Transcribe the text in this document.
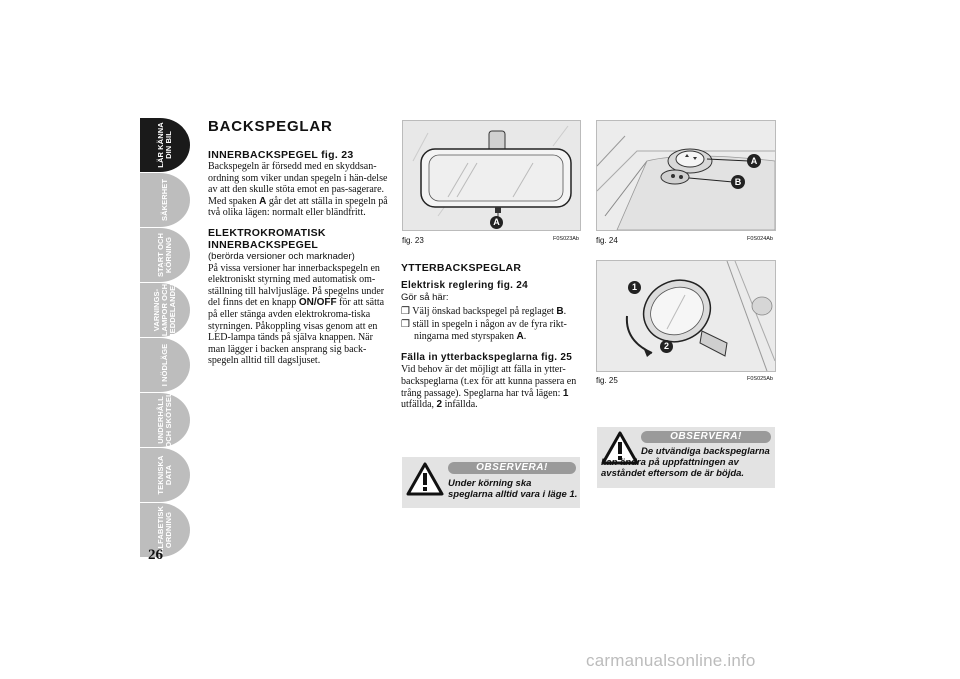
LÄR KÄNNA
DIN BIL
SÄKERHET
START OCH
KÖRNING
VARNINGS-
LAMPOR OCH
MEDDELANDEN
I NÖDLÄGE
UNDERHÅLL
OCH SKÖTSEL
TEKNISKA
DATA
ALFABETISK
ORDNING
26
BACKSPEGLAR
INNERBACKSPEGEL fig. 23

Backspegeln är försedd med en skyddsan-ordning som viker undan spegeln i hän-delse av att den skulle stöta emot en pas-sagerare.

Med spaken A går det att ställa in spegeln på två olika lägen: normalt eller bländfritt.

ELEKTROKROMATISK
INNERBACKSPEGEL

(berörda versioner och marknader)

På vissa versioner har innerbackspegeln en elektroniskt styrning med automatisk om-ställning till halvljusläge. På spegelns under del finns det en knapp ON/OFF för att sätta på eller stänga avden elektrokroma-tiska styrningen. Påkoppling visas genom att en LED-lampa tänds på själva knappen. När man lägger i backen ansprang sig back-spegeln alltid till dagsljuset.

A
fig. 23	F0S023Ab
A
B
fig. 24	F0S024Ab
1
2
fig. 25	F0S025Ab
YTTERBACKSPEGLAR
Elektrisk reglering fig. 24

Gör så här:

❒ Välj önskad backspegel på reglaget B.
❒ ställ in spegeln i någon av de fyra rikt-ningarna med styrspaken A.
Fälla in ytterbackspeglarna fig. 25

Vid behov är det möjligt att fälla in ytter-backspeglarna (t.ex för att kunna passera en trång passage). Speglarna har två lägen: 1 utfällda, 2 infällda.

OBSERVERA!
Under körning ska speglarna alltid vara i läge 1.
OBSERVERA!
De utvändiga backspeglarna kan ändra på uppfattningen av avståndet eftersom de är böjda.
carmanualsonline.info
